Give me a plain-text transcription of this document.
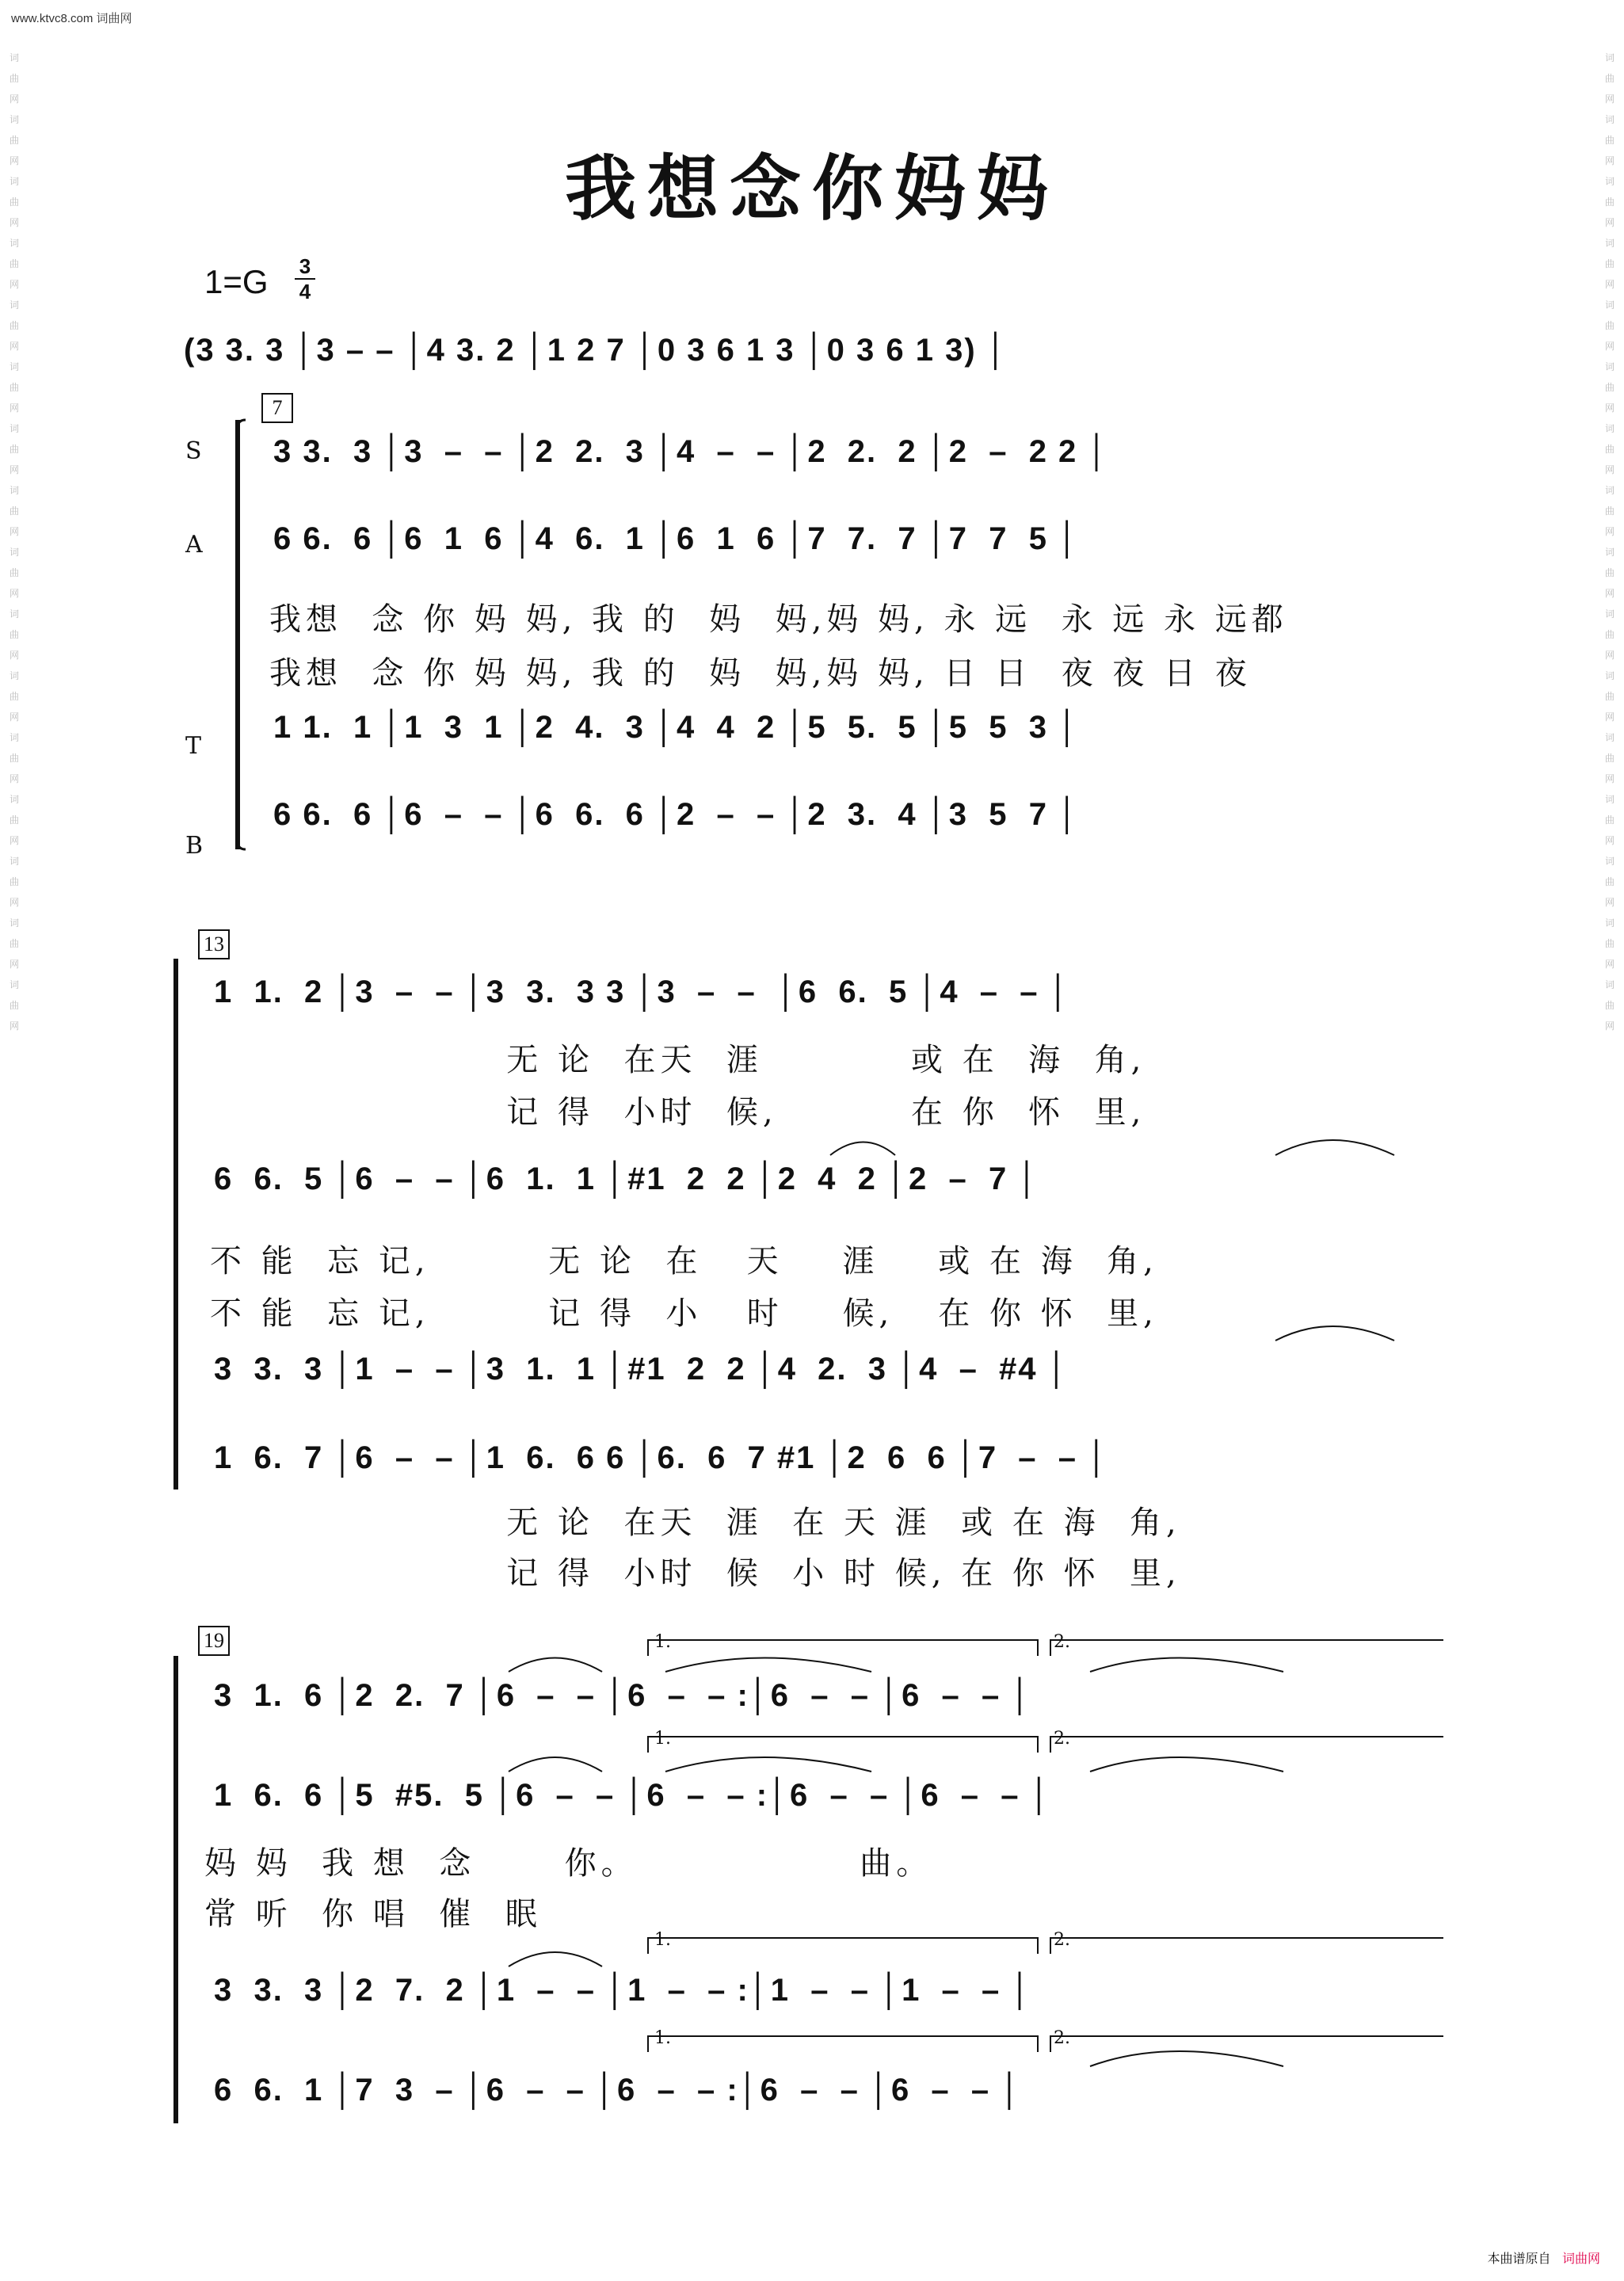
www.ktvc8.com 词曲网
词曲网词曲网词曲网词曲网词曲网词曲网词曲网词曲网词曲网词曲网词曲网词曲网词曲网词曲网词曲网词曲网
词曲网词曲网词曲网词曲网词曲网词曲网词曲网词曲网词曲网词曲网词曲网词曲网词曲网词曲网词曲网词曲网
我想念你妈妈
1=G 3
4
(3 3. 3 │3 – – │4 3. 2 │1 2 7 │0 3 6 1 3 │0 3 6 1 3) │
S
A
T
B
7
3 3.  3 │3  –  – │2  2.  3 │4  –  – │2  2.  2 │2  –  2 2 │
6 6.  6 │6  1  6 │4  6.  1 │6  1  6 │7  7.  7 │7  7  5 │
我想  念 你 妈 妈, 我 的  妈  妈,妈 妈, 永 远  永 远 永 远都
我想  念 你 妈 妈, 我 的  妈  妈,妈 妈, 日 日  夜 夜 日 夜
1 1.  1 │1  3  1 │2  4.  3 │4  4  2 │5  5.  5 │5  5  3 │
6 6.  6 │6  –  – │6  6.  6 │2  –  – │2  3.  4 │3  5  7 │
13
1  1.  2 │3  –  – │3  3.  3 3 │3  –  –  │6  6.  5 │4  –  – │
无 论  在天  涯          或 在  海  角,
记 得  小时  候,         在 你  怀  里,
6  6.  5 │6  –  – │6  1.  1 │#1  2  2 │2  4  2 │2  –  7 │
不 能  忘 记,        无 论  在   天    涯    或 在 海  角,
不 能  忘 记,        记 得  小   时    候,   在 你 怀  里,
3  3.  3 │1  –  – │3  1.  1 │#1  2  2 │4  2.  3 │4  –  #4 │
1  6.  7 │6  –  – │1  6.  6 6 │6.  6  7 #1 │2  6  6 │7  –  – │
无 论  在天  涯  在 天 涯  或 在 海  角,
记 得  小时  候  小 时 候, 在 你 怀  里,
19
3  1.  6 │2  2.  7 │6  –  – │6  –  – :│6  –  – │6  –  – │
1  6.  6 │5  #5.  5 │6  –  – │6  –  – :│6  –  – │6  –  – │
妈 妈  我 想  念      你。               曲。
常 听  你 唱  催  眠
3  3.  3 │2  7.  2 │1  –  – │1  –  – :│1  –  – │1  –  – │
6  6.  1 │7  3  – │6  –  – │6  –  – :│6  –  – │6  –  – │
1.	2.
1.	2.
1.	2.
1.	2.
本曲谱原自 词曲网
